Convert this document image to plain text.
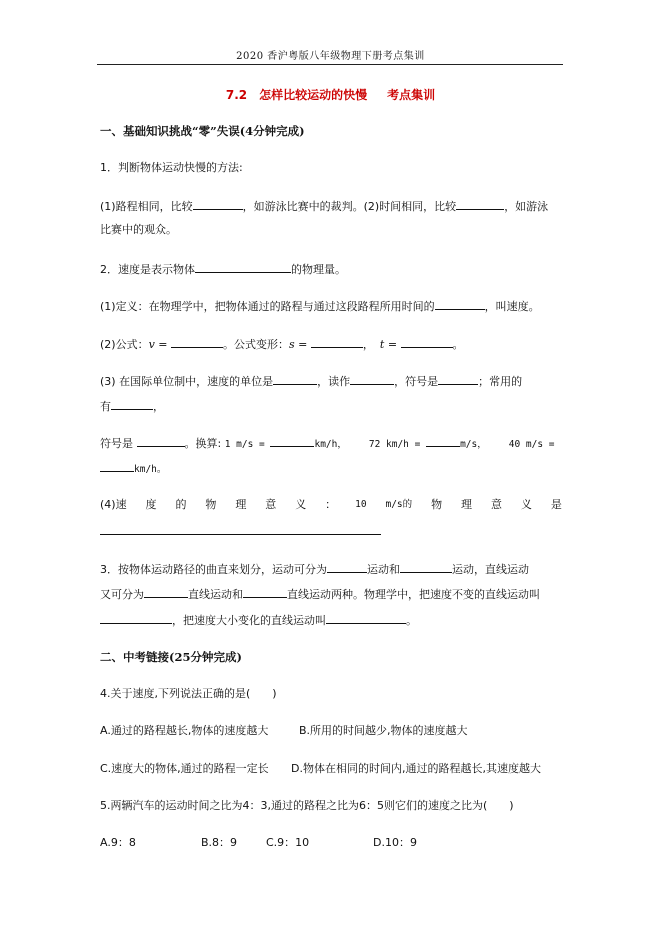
2020 香沪粤版八年级物理下册考点集训
7.2 怎样比较运动的快慢 考点集训
一、基础知识挑战“零”失误(4分钟完成)
1．判断物体运动快慢的方法:
(1)路程相同，比较	，如游泳比赛中的裁判。(2)时间相同，比较	，如游泳
比赛中的观众。
2．速度是表示物体	的物理量。
(1)定义：在物理学中，把物体通过的路程与通过这段路程所用时间的	，叫速度。
(2)公式：v =	。公式变形：s =	， t =	。
(3) 在国际单位制中，速度的单位是	，读作	，符号是	；常用的
有	，
符号是	。换算: 1 m/s =	km/h， 72 km/h =	m/s， 40 m/s =
km/h。
(4)速 度 的 物 理 意 义 ： 10 m/s的 物 理 意 义 是
3．按物体运动路径的曲直来划分，运动可分为	运动和	运动，直线运动
又可分为	直线运动和	直线运动两种。物理学中，把速度不变的直线运动叫
，把速度大小变化的直线运动叫	。
二、中考链接(25分钟完成)
4.关于速度,下列说法正确的是(　　)
A.通过的路程越长,物体的速度越大	B.所用的时间越少,物体的速度越大
C.速度大的物体,通过的路程一定长 D.物体在相同的时间内,通过的路程越长,其速度越大
5.两辆汽车的运动时间之比为4：3,通过的路程之比为6：5则它们的速度之比为(　　)
A.9：8	B.8：9	C.9：10	D.10：9
